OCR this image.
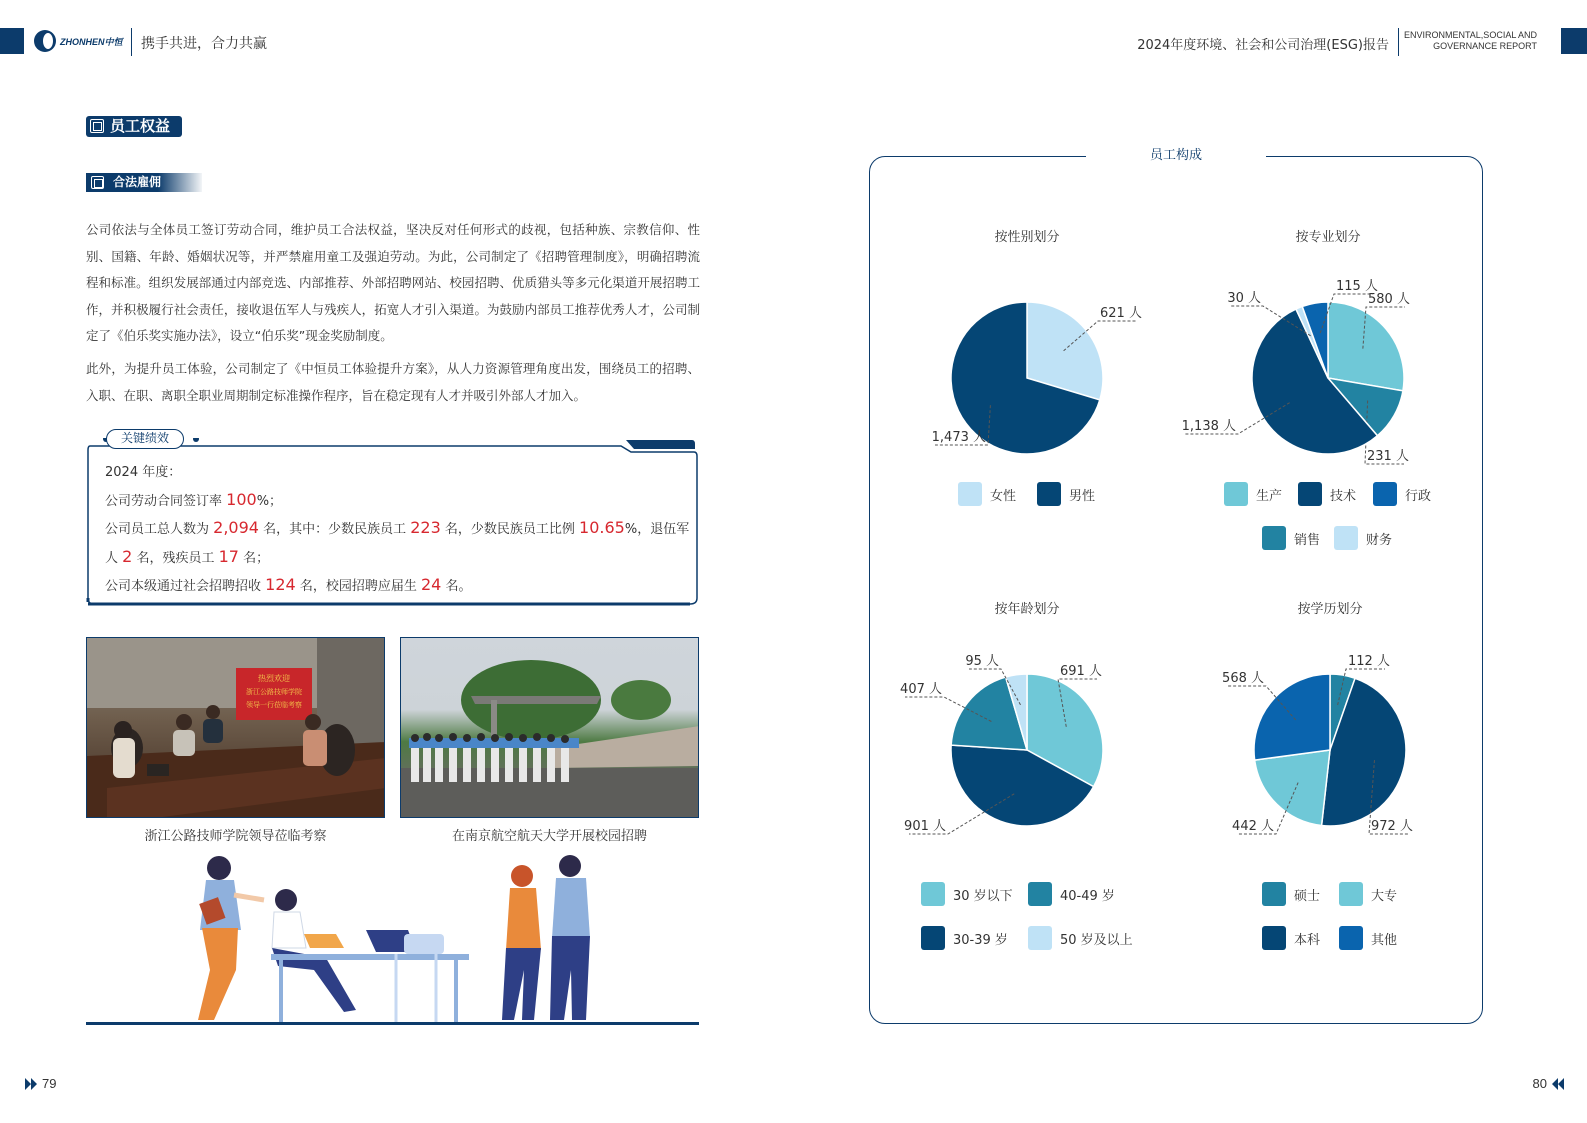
ZHONHEN中恒 携手共进，合力共赢	2024年度环境、社会和公司治理(ESG)报告
ENVIRONMENTAL,SOCIAL AND
GOVERNANCE REPORT
员工权益
合法雇佣

公司依法与全体员工签订劳动合同，维护员工合法权益，坚决反对任何形式的歧视，包括种族、宗教信仰、性别、国籍、年龄、婚姻状况等，并严禁雇用童工及强迫劳动。为此，公司制定了《招聘管理制度》，明确招聘流程和标准。组织发展部通过内部竞选、内部推荐、外部招聘网站、校园招聘、优质猎头等多元化渠道开展招聘工作，并积极履行社会责任，接收退伍军人与残疾人，拓宽人才引入渠道。为鼓励内部员工推荐优秀人才，公司制定了《伯乐奖实施办法》，设立“伯乐奖”现金奖励制度。

此外，为提升员工体验，公司制定了《中恒员工体验提升方案》，从人力资源管理角度出发，围绕员工的招聘、入职、在职、离职全职业周期制定标准操作程序，旨在稳定现有人才并吸引外部人才加入。

关键绩效
2024 年度：
公司劳动合同签订率 100%；
公司员工总人数为 2,094 名，其中：少数民族员工 223 名，少数民族员工比例 10.65%，退伍军人 2 名，残疾员工 17 名；
公司本级通过社会招聘招收 124 名，校园招聘应届生 24 名。
热烈欢迎
浙江公路技师学院
领导一行莅临考察
浙江公路技师学院领导莅临考察	在南京航空航天大学开展校园招聘
79	80
员工构成
按性别划分	按专业划分
按年龄划分	按学历划分
621 人
1,473 人
580 人
231 人
1,138 人
30 人
115 人
691 人
901 人
407 人
95 人	112 人
972 人
442 人
568 人
女性	男性	生产	技术	行政
销售	财务
30 岁以下	40-49 岁
30-39 岁	50 岁及以上
硕士	大专
本科	其他
